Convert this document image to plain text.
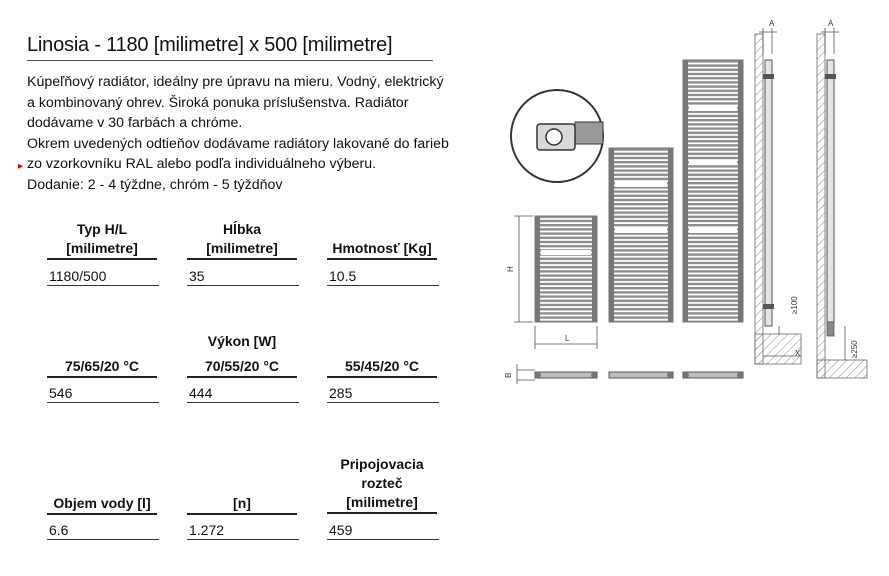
Linosia - 1180 [milimetre] x 500 [milimetre]
▸
Kúpeľňový radiátor, ideálny pre úpravu na mieru. Vodný, elektrický
a kombinovaný ohrev. Široká ponuka príslušenstva. Radiátor
dodávame v 30 farbách a chróme.
Okrem uvedených odtieňov dodávame radiátory lakované do farieb
zo vzorkovníku RAL alebo podľa individuálneho výberu.
Dodanie: 2 - 4 týždne, chróm - 5 týždňov
Typ H/L
[milimetre]
1180/500
Hĺbka
[milimetre]
35
Hmotnosť [Kg]
10.5
Výkon [W]
75/65/20 °C
546
70/55/20 °C
444
55/45/20 °C
285
Objem vody [l]
6.6
[n]
1.272
Pripojovacia
rozteč
[milimetre]
459
H
L
B
A
≥100
X
A
≥250
